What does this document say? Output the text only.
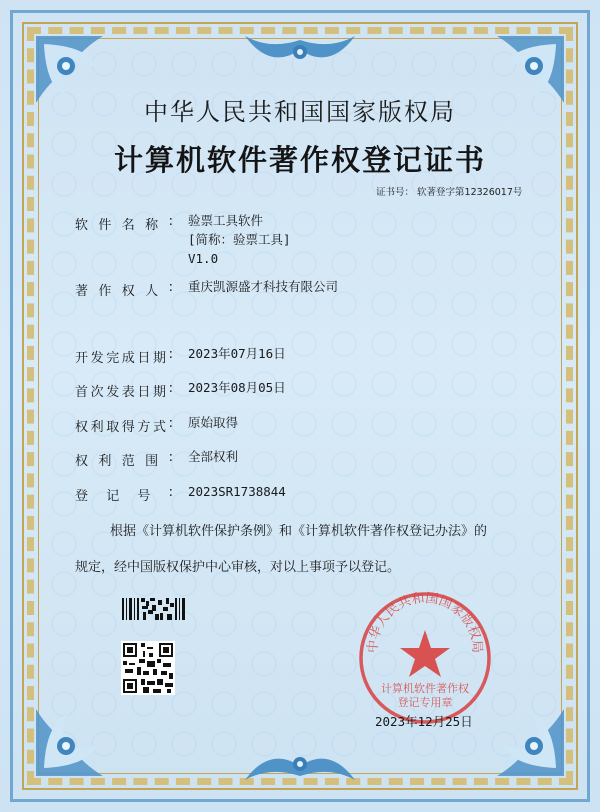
中华人民共和国国家版权局
计算机软件著作权登记证书
证书号： 软著登字第12326017号
软 件 名 称 : 验票工具软件
[简称：验票工具]
V1.0
著 作 权 人 : 重庆凯源盛才科技有限公司
开 发 完 成 日 期 : 2023年07月16日
首 次 发 表 日 期 : 2023年08月05日
权 利 取 得 方 式 : 原始取得
权 利 范 围 : 全部权利
登 记 号 : 2023SR1738844
根据《计算机软件保护条例》和《计算机软件著作权登记办法》的
规定，经中国版权保护中心审核，对以上事项予以登记。
中华人民共和国国家版权局
计算机软件著作权
登记专用章
2023年12月25日
